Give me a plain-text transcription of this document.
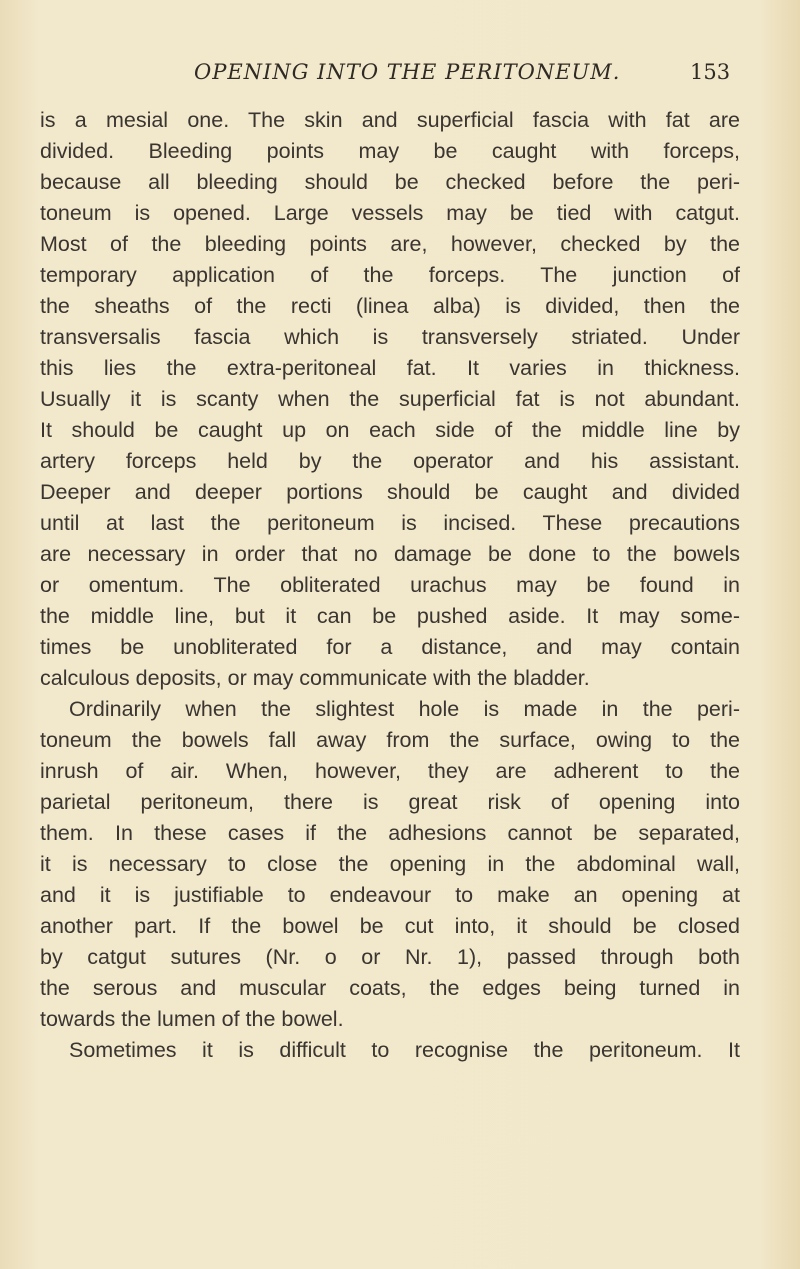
OPENING INTO THE PERITONEUM.	153
is a mesial one. The skin and superficial fascia with fat are
divided. Bleeding points may be caught with forceps,
because all bleeding should be checked before the peri-
toneum is opened. Large vessels may be tied with catgut.
Most of the bleeding points are, however, checked by the
temporary application of the forceps. The junction of
the sheaths of the recti (linea alba) is divided, then the
transversalis fascia which is transversely striated. Under
this lies the extra-peritoneal fat. It varies in thickness.
Usually it is scanty when the superficial fat is not abundant.
It should be caught up on each side of the middle line by
artery forceps held by the operator and his assistant.
Deeper and deeper portions should be caught and divided
until at last the peritoneum is incised. These precautions
are necessary in order that no damage be done to the bowels
or omentum. The obliterated urachus may be found in
the middle line, but it can be pushed aside. It may some-
times be unobliterated for a distance, and may contain
calculous deposits, or may communicate with the bladder.
Ordinarily when the slightest hole is made in the peri-
toneum the bowels fall away from the surface, owing to the
inrush of air. When, however, they are adherent to the
parietal peritoneum, there is great risk of opening into
them. In these cases if the adhesions cannot be separated,
it is necessary to close the opening in the abdominal wall,
and it is justifiable to endeavour to make an opening at
another part. If the bowel be cut into, it should be closed
by catgut sutures (Nr. o or Nr. 1), passed through both
the serous and muscular coats, the edges being turned in
towards the lumen of the bowel.
Sometimes it is difficult to recognise the peritoneum. It
